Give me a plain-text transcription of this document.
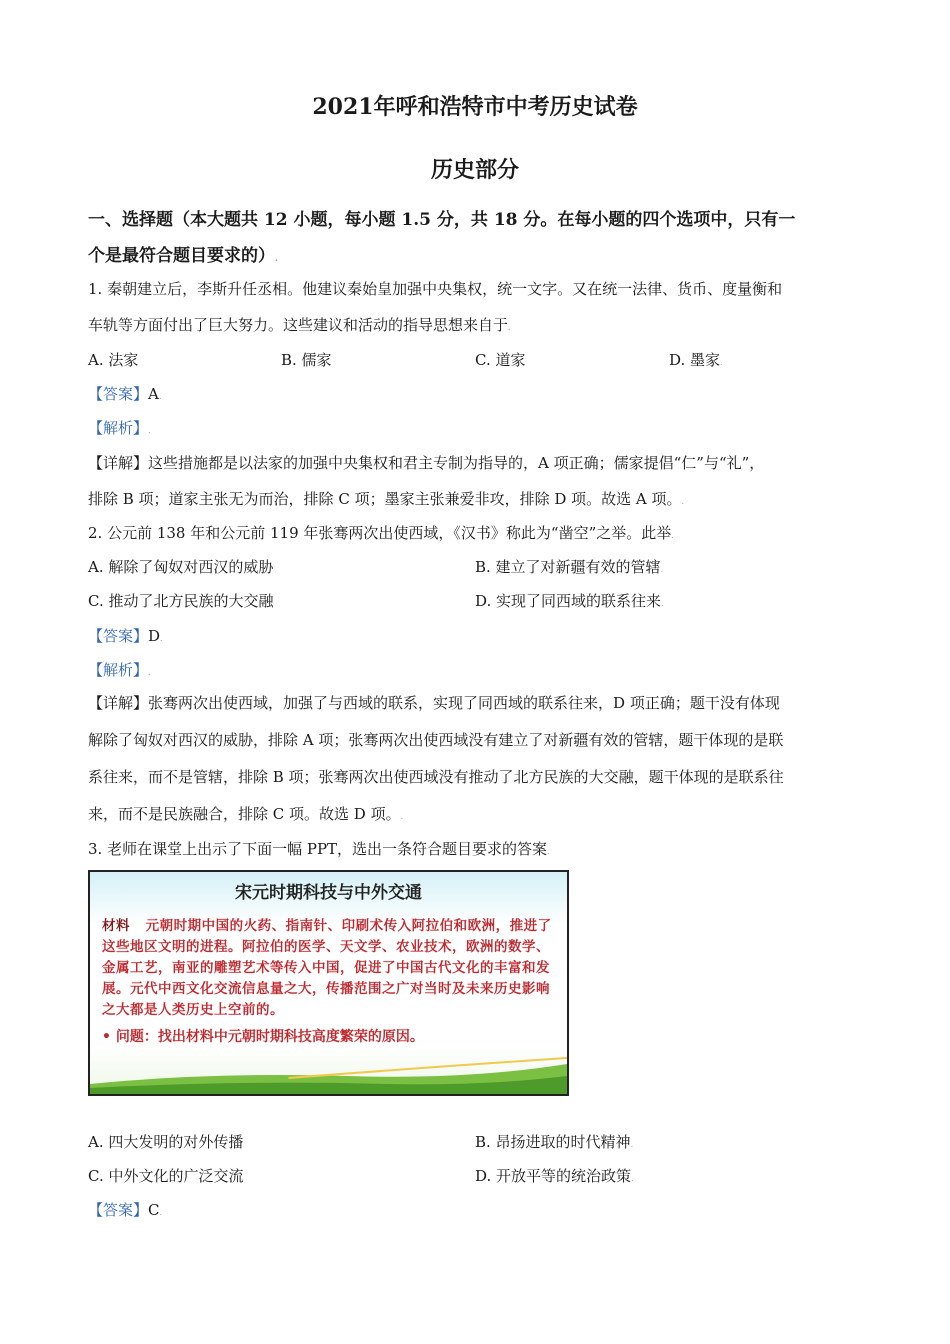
2021年呼和浩特市中考历史试卷
历史部分
一、选择题（本大题共 12 小题，每小题 1.5 分，共 18 分。在每小题的四个选项中，只有一
个是最符合题目要求的）.
1. 秦朝建立后，李斯升任丞相。他建议秦始皇加强中央集权，统一文字。又在统一法律、货币、度量衡和
车轨等方面付出了巨大努力。这些建议和活动的指导思想来自于.
A. 法家	B. 儒家	C. 道家	D. 墨家.
【答案】A.
【解析】.
【详解】这些措施都是以法家的加强中央集权和君主专制为指导的，A 项正确；儒家提倡“仁”与“礼”，
排除 B 项；道家主张无为而治，排除 C 项；墨家主张兼爱非攻，排除 D 项。故选 A 项。.
2. 公元前 138 年和公元前 119 年张骞两次出使西域，《汉书》称此为“凿空”之举。此举.
A. 解除了匈奴对西汉的威胁	B. 建立了对新疆有效的管辖.
C. 推动了北方民族的大交融	D. 实现了同西域的联系往来.
【答案】D.
【解析】.
【详解】张骞两次出使西域，加强了与西域的联系，实现了同西域的联系往来，D 项正确；题干没有体现
解除了匈奴对西汉的威胁，排除 A 项；张骞两次出使西域没有建立了对新疆有效的管辖，题干体现的是联
系往来，而不是管辖，排除 B 项；张骞两次出使西域没有推动了北方民族的大交融，题干体现的是联系往
来，而不是民族融合，排除 C 项。故选 D 项。.
3. 老师在课堂上出示了下面一幅 PPT，选出一条符合题目要求的答案.
宋元时期科技与中外交通
材料 元朝时期中国的火药、指南针、印刷术传入阿拉伯和欧洲，推进了这些地区文明的进程。阿拉伯的医学、天文学、农业技术，欧洲的数学、金属工艺，南亚的雕塑艺术等传入中国，促进了中国古代文化的丰富和发展。元代中西文化交流信息量之大，传播范围之广对当时及未来历史影响之大都是人类历史上空前的。
• 问题：找出材料中元朝时期科技高度繁荣的原因。
A. 四大发明的对外传播	B. 昂扬进取的时代精神.
C. 中外文化的广泛交流	D. 开放平等的统治政策.
【答案】C.
